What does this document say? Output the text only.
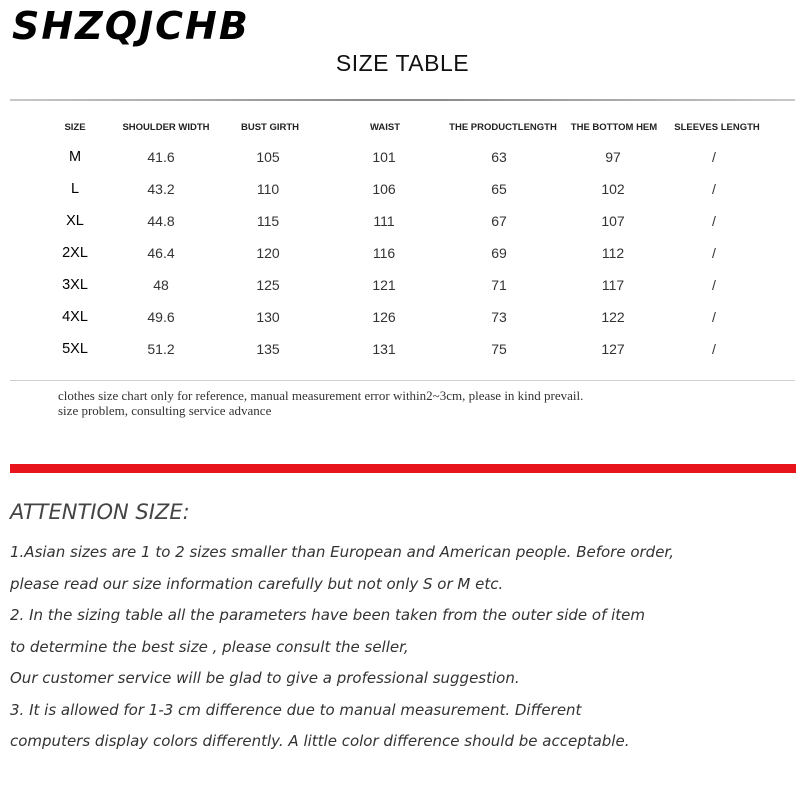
SHZQJCHB
SIZE TABLE
SIZE	SHOULDER WIDTH	BUST GIRTH	WAIST	THE PRODUCTLENGTH	THE BOTTOM HEM	SLEEVES LENGTH
M	41.6	105	101	63	97	/
L	43.2	110	106	65	102	/
XL	44.8	115	111	67	107	/
2XL	46.4	120	116	69	112	/
3XL	48	125	121	71	117	/
4XL	49.6	130	126	73	122	/
5XL	51.2	135	131	75	127	/
clothes size chart only for reference, manual measurement error within2~3cm, please in kind prevail.
size problem, consulting service advance
ATTENTION SIZE:
1.Asian sizes are 1 to 2 sizes smaller than European and American people. Before order,
please read our size information carefully but not only S or M etc.
2. In the sizing table all the parameters have been taken from the outer side of item
to determine the best size , please consult the seller,
Our customer service will be glad to give a professional suggestion.
3. It is allowed for 1-3 cm difference due to manual measurement. Different
computers display colors differently. A little color difference should be acceptable.
